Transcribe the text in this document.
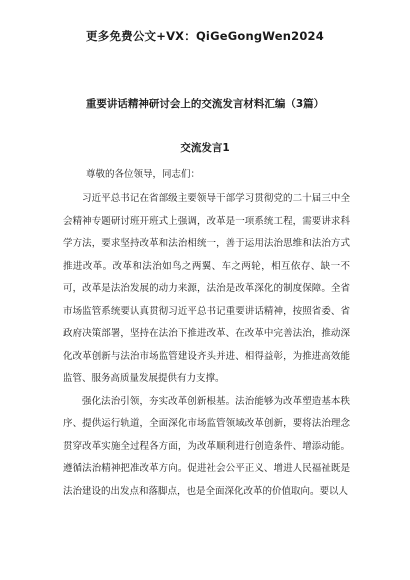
更多免费公文+VX：QiGeGongWen2024
重要讲话精神研讨会上的交流发言材料汇编（3篇）
交流发言1
尊敬的各位领导，同志们：

习近平总书记在省部级主要领导干部学习贯彻党的二十届三中全会精神专题研讨班开班式上强调，改革是一项系统工程，需要讲求科学方法，要求坚持改革和法治相统一，善于运用法治思维和法治方式推进改革。改革和法治如鸟之两翼、车之两轮，相互依存、缺一不可，改革是法治发展的动力来源，法治是改革深化的制度保障。全省市场监管系统要认真贯彻习近平总书记重要讲话精神，按照省委、省政府决策部署，坚持在法治下推进改革、在改革中完善法治，推动深化改革创新与法治市场监管建设齐头并进、相得益彰，为推进高效能监管、服务高质量发展提供有力支撑。

强化法治引领，夯实改革创新根基。法治能够为改革塑造基本秩序、提供运行轨道，全面深化市场监管领域改革创新，要将法治理念贯穿改革实施全过程各方面，为改革顺利进行创造条件、增添动能。遵循法治精神把准改革方向。促进社会公平正义、增进人民福祉既是法治建设的出发点和落脚点，也是全面深化改革的价值取向。要以人
